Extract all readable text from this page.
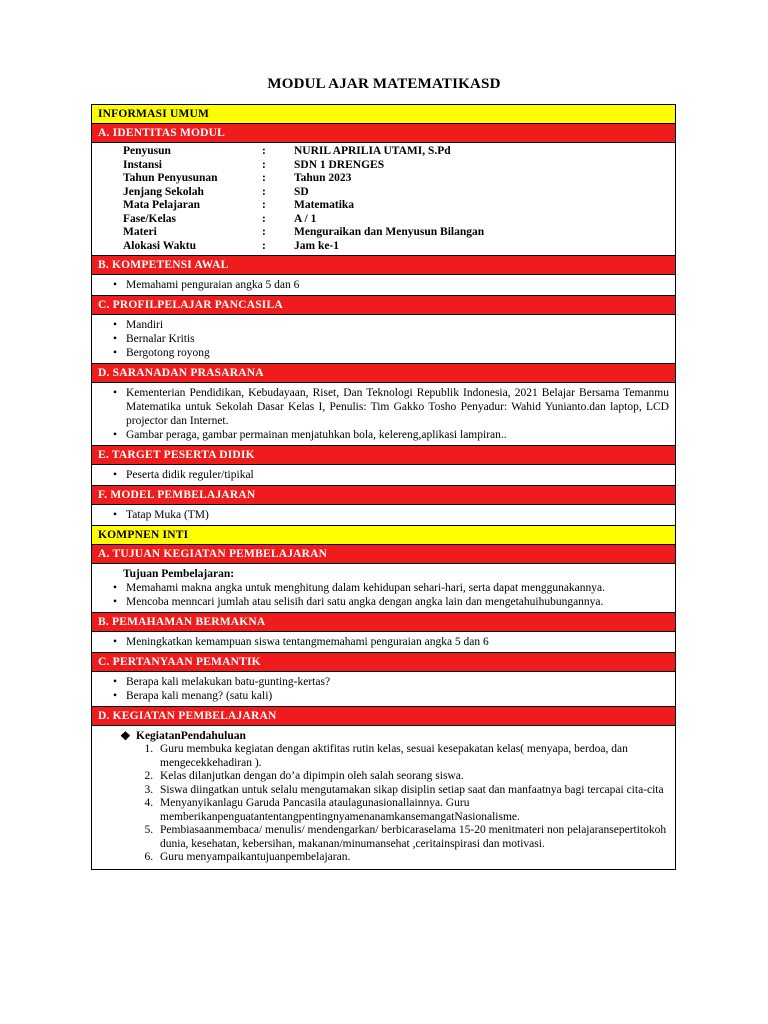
MODUL AJAR MATEMATIKASD
INFORMASI UMUM
A. IDENTITAS MODUL
Penyusun	:	NURIL APRILIA UTAMI, S.Pd
Instansi	:	SDN 1 DRENGES
Tahun Penyusunan	:	Tahun 2023
Jenjang Sekolah	:	SD
Mata Pelajaran	:	Matematika
Fase/Kelas	:	A / 1
Materi	:	Menguraikan dan Menyusun Bilangan
Alokasi Waktu	:	Jam ke-1
B. KOMPETENSI AWAL
• Memahami penguraian angka 5 dan 6
C. PROFILPELAJAR PANCASILA
• Mandiri
• Bernalar Kritis
• Bergotong royong
D. SARANADAN PRASARANA
• Kementerian Pendidikan, Kebudayaan, Riset, Dan Teknologi Republik Indonesia, 2021 Belajar Bersama Temanmu Matematika untuk Sekolah Dasar Kelas I, Penulis: Tim Gakko Tosho Penyadur: Wahid Yunianto.dan laptop, LCD projector dan Internet.
• Gambar peraga, gambar permainan menjatuhkan bola, kelereng,aplikasi lampiran..
E. TARGET PESERTA DIDIK
• Peserta didik reguler/tipikal
F. MODEL PEMBELAJARAN
• Tatap Muka (TM)
KOMPNEN INTI
A. TUJUAN KEGIATAN PEMBELAJARAN
Tujuan Pembelajaran:
• Memahami makna angka untuk menghitung dalam kehidupan sehari-hari, serta dapat menggunakannya.
• Mencoba menncari jumlah atau selisih dari satu angka dengan angka lain dan mengetahuihubungannya.
B. PEMAHAMAN BERMAKNA
• Meningkatkan kemampuan siswa tentangmemahami penguraian angka 5 dan 6
C. PERTANYAAN PEMANTIK
• Berapa kali melakukan batu-gunting-kertas?
• Berapa kali menang? (satu kali)
D. KEGIATAN PEMBELAJARAN
❖ KegiatanPendahuluan
1. Guru membuka kegiatan dengan aktifitas rutin kelas, sesuai kesepakatan kelas( menyapa, berdoa, dan mengecekkehadiran ).
2. Kelas dilanjutkan dengan do’a dipimpin oleh salah seorang siswa.
3. Siswa diingatkan untuk selalu mengutamakan sikap disiplin setiap saat dan manfaatnya bagi tercapai cita-cita
4. Menyanyikanlagu Garuda Pancasila ataulagunasionallainnya. Guru memberikanpenguatantentangpentingnyamenanamkansemangatNasionalisme.
5. Pembiasaanmembaca/ menulis/ mendengarkan/ berbicaraselama 15-20 menitmateri non pelajaransepertitokoh dunia, kesehatan, kebersihan, makanan/minumansehat ,ceritainspirasi dan motivasi.
6. Guru menyampaikantujuanpembelajaran.
